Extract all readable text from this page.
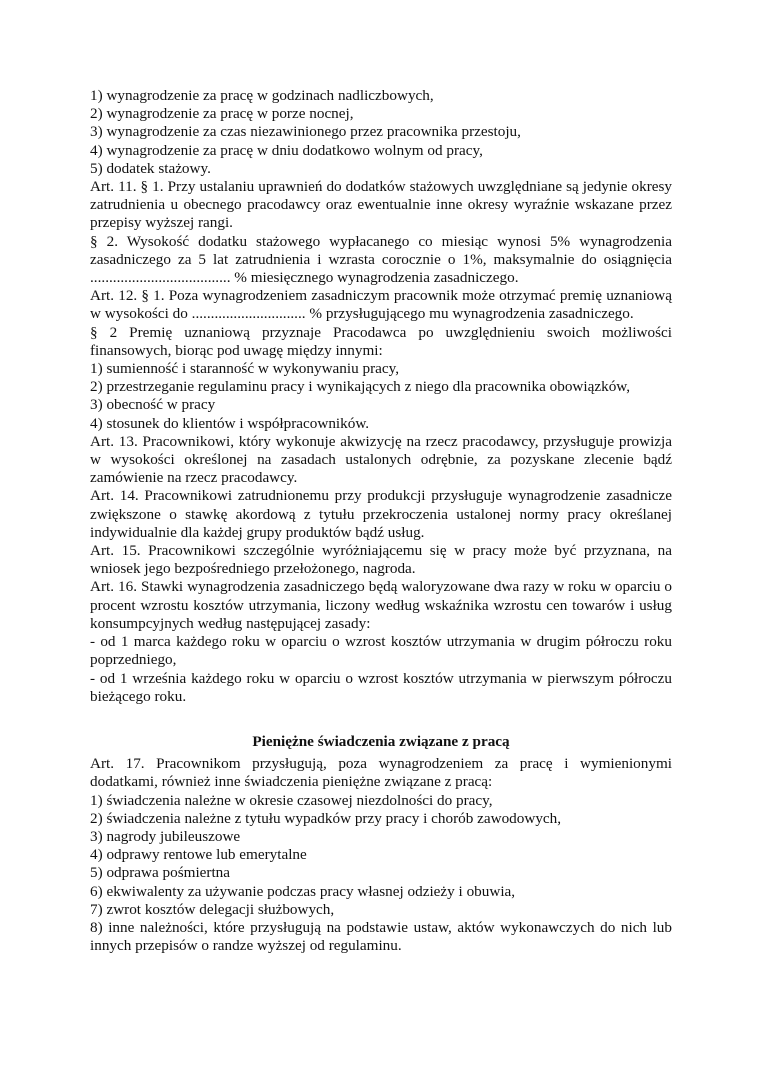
1) wynagrodzenie za pracę w godzinach nadliczbowych,

2) wynagrodzenie za pracę w porze nocnej,

3) wynagrodzenie za czas niezawinionego przez pracownika przestoju,

4) wynagrodzenie za pracę w dniu dodatkowo wolnym od pracy,

5) dodatek stażowy.

Art. 11. § 1. Przy ustalaniu uprawnień do dodatków stażowych uwzględniane są jedynie okresy zatrudnienia u obecnego pracodawcy oraz ewentualnie inne okresy wyraźnie wskazane przez przepisy wyższej rangi.

§ 2. Wysokość dodatku stażowego wypłacanego co miesiąc wynosi 5% wynagrodzenia zasadniczego za 5 lat zatrudnienia i wzrasta corocznie o 1%, maksymalnie do osiągnięcia ..................................... % miesięcznego wynagrodzenia zasadniczego.

Art. 12. § 1. Poza wynagrodzeniem zasadniczym pracownik może otrzymać premię uznaniową w wysokości do .............................. % przysługującego mu wynagrodzenia zasadniczego.

§ 2 Premię uznaniową przyznaje Pracodawca po uwzględnieniu swoich możliwości finansowych, biorąc pod uwagę między innymi:

1) sumienność i staranność w wykonywaniu pracy,

2) przestrzeganie regulaminu pracy i wynikających z niego dla pracownika obowiązków,

3) obecność w pracy

4) stosunek do klientów i współpracowników.

Art. 13. Pracownikowi, który wykonuje akwizycję na rzecz pracodawcy, przysługuje prowizja w wysokości określonej na zasadach ustalonych odrębnie, za pozyskane zlecenie bądź zamówienie na rzecz pracodawcy.

Art. 14. Pracownikowi zatrudnionemu przy produkcji przysługuje wynagrodzenie zasadnicze zwiększone o stawkę akordową z tytułu przekroczenia ustalonej normy pracy określanej indywidualnie dla każdej grupy produktów bądź usług.

Art. 15. Pracownikowi szczególnie wyróżniającemu się w pracy może być przyznana, na wniosek jego bezpośredniego przełożonego, nagroda.

Art. 16. Stawki wynagrodzenia zasadniczego będą waloryzowane dwa razy w roku w oparciu o procent wzrostu kosztów utrzymania, liczony według wskaźnika wzrostu cen towarów i usług konsumpcyjnych według następującej zasady:

- od 1 marca każdego roku w oparciu o wzrost kosztów utrzymania w drugim półroczu roku poprzedniego,

- od 1 września każdego roku w oparciu o wzrost kosztów utrzymania w pierwszym półroczu bieżącego roku.

Pieniężne świadczenia związane z pracą

Art. 17. Pracownikom przysługują, poza wynagrodzeniem za pracę i wymienionymi dodatkami, również inne świadczenia pieniężne związane z pracą:

1) świadczenia należne w okresie czasowej niezdolności do pracy,

2) świadczenia należne z tytułu wypadków przy pracy i chorób zawodowych,

3) nagrody jubileuszowe

4) odprawy rentowe lub emerytalne

5) odprawa pośmiertna

6) ekwiwalenty za używanie podczas pracy własnej odzieży i obuwia,

7) zwrot kosztów delegacji służbowych,

8) inne należności, które przysługują na podstawie ustaw, aktów wykonawczych do nich lub innych przepisów o randze wyższej od regulaminu.
